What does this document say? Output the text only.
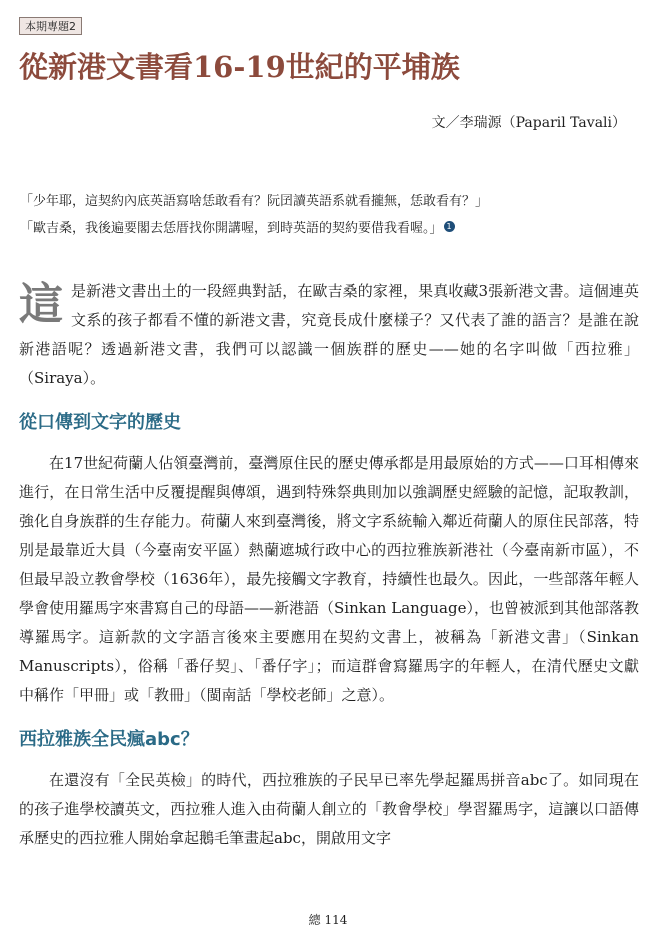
本期專題2
從新港文書看16-19世紀的平埔族
文／李瑞源（Paparil Tavali）
「少年耶，這契約內底英語寫啥恁敢看有？阮囝讀英語系就看攏無，恁敢看有？」
「歐吉桑，我後遍要閣去恁厝找你開講喔，到時英語的契約要借我看喔。」 1

這是新港文書出土的一段經典對話，在歐吉桑的家裡，果真收藏3張新港文書。這個連英文系的孩子都看不懂的新港文書，究竟長成什麼樣子？又代表了誰的語言？是誰在說新港語呢？透過新港文書，我們可以認識一個族群的歷史——她的名字叫做「西拉雅」（Siraya）。

從口傳到文字的歷史

在17世紀荷蘭人佔領臺灣前，臺灣原住民的歷史傳承都是用最原始的方式——口耳相傳來進行，在日常生活中反覆提醒與傳頌，遇到特殊祭典則加以強調歷史經驗的記憶，記取教訓，強化自身族群的生存能力。荷蘭人來到臺灣後，將文字系統輸入鄰近荷蘭人的原住民部落，特別是最靠近大員（今臺南安平區）熱蘭遮城行政中心的西拉雅族新港社（今臺南新市區），不但最早設立教會學校（1636年），最先接觸文字教育，持續性也最久。因此，一些部落年輕人學會使用羅馬字來書寫自己的母語——新港語（Sinkan Language），也曾被派到其他部落教導羅馬字。這新款的文字語言後來主要應用在契約文書上，被稱為「新港文書」（Sinkan Manuscripts），俗稱「番仔契」、「番仔字」；而這群會寫羅馬字的年輕人，在清代歷史文獻中稱作「甲冊」或「教冊」（閩南話「學校老師」之意）。

西拉雅族全民瘋abc？

在還沒有「全民英檢」的時代，西拉雅族的子民早已率先學起羅馬拼音abc了。如同現在的孩子進學校讀英文，西拉雅人進入由荷蘭人創立的「教會學校」學習羅馬字，這讓以口語傳承歷史的西拉雅人開始拿起鵝毛筆畫起abc，開啟用文字

總 114
